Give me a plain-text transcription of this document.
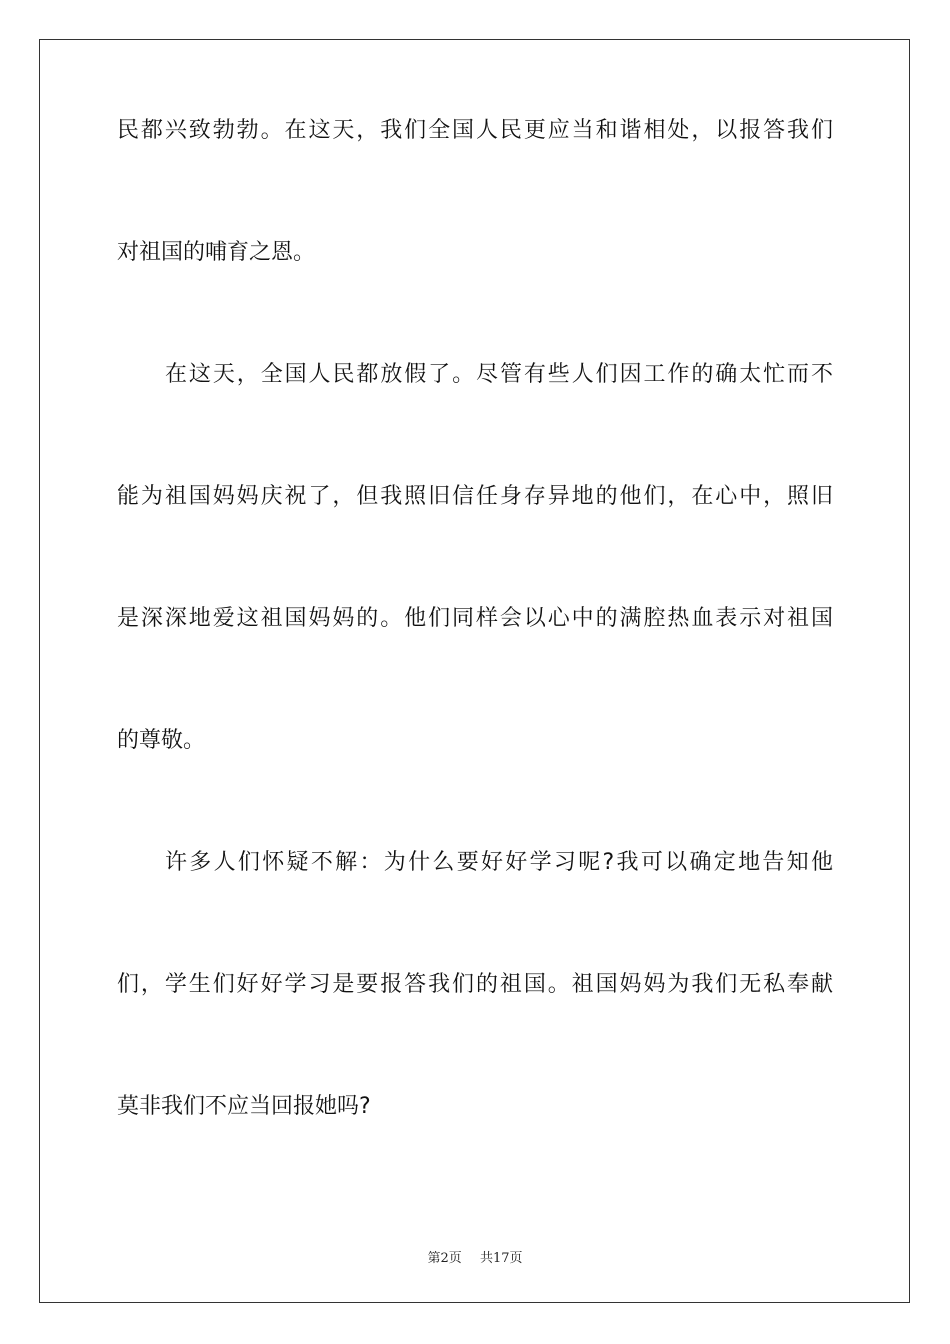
民都兴致勃勃。在这天，我们全国人民更应当和谐相处，以报答我们
对祖国的哺育之恩。
在这天，全国人民都放假了。尽管有些人们因工作的确太忙而不
能为祖国妈妈庆祝了，但我照旧信任身存异地的他们，在心中，照旧
是深深地爱这祖国妈妈的。他们同样会以心中的满腔热血表示对祖国
的尊敬。
许多人们怀疑不解：为什么要好好学习呢?我可以确定地告知他
们，学生们好好学习是要报答我们的祖国。祖国妈妈为我们无私奉献
莫非我们不应当回报她吗?
第2页 共17页
